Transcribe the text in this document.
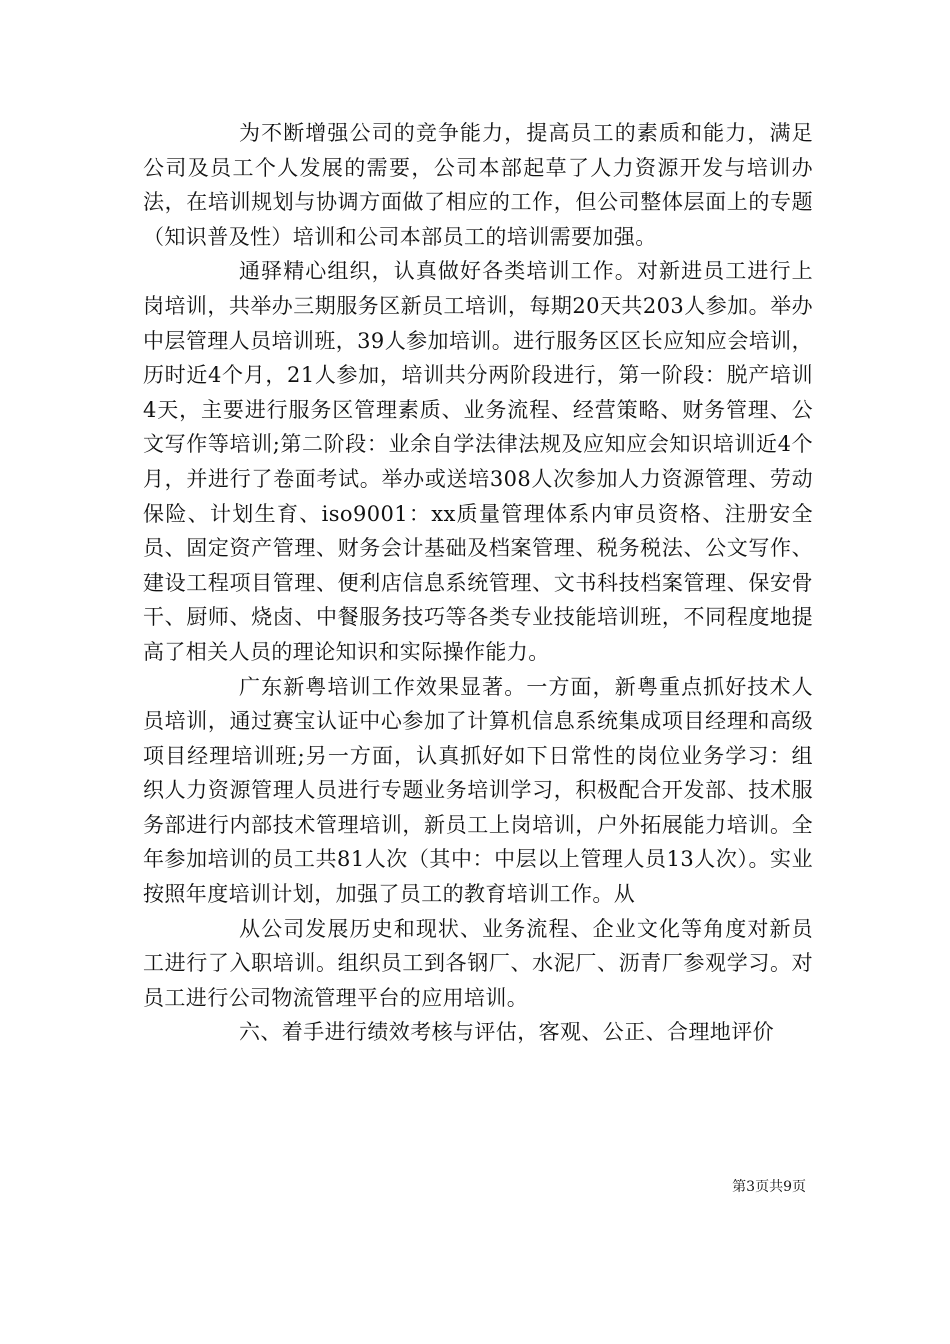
为不断增强公司的竞争能力，提高员工的素质和能力，满足公司及员工个人发展的需要，公司本部起草了人力资源开发与培训办法，在培训规划与协调方面做了相应的工作，但公司整体层面上的专题（知识普及性）培训和公司本部员工的培训需要加强。

通驿精心组织，认真做好各类培训工作。对新进员工进行上岗培训，共举办三期服务区新员工培训，每期20天共203人参加。举办中层管理人员培训班，39人参加培训。进行服务区区长应知应会培训，历时近4个月，21人参加，培训共分两阶段进行，第一阶段：脱产培训4天，主要进行服务区管理素质、业务流程、经营策略、财务管理、公文写作等培训;第二阶段：业余自学法律法规及应知应会知识培训近4个月，并进行了卷面考试。举办或送培308人次参加人力资源管理、劳动保险、计划生育、iso9001：xx质量管理体系内审员资格、注册安全员、固定资产管理、财务会计基础及档案管理、税务税法、公文写作、建设工程项目管理、便利店信息系统管理、文书科技档案管理、保安骨干、厨师、烧卤、中餐服务技巧等各类专业技能培训班，不同程度地提高了相关人员的理论知识和实际操作能力。

广东新粤培训工作效果显著。一方面，新粤重点抓好技术人员培训，通过赛宝认证中心参加了计算机信息系统集成项目经理和高级项目经理培训班;另一方面，认真抓好如下日常性的岗位业务学习：组织人力资源管理人员进行专题业务培训学习，积极配合开发部、技术服务部进行内部技术管理培训，新员工上岗培训，户外拓展能力培训。全年参加培训的员工共81人次（其中：中层以上管理人员13人次）。实业按照年度培训计划，加强了员工的教育培训工作。从

从公司发展历史和现状、业务流程、企业文化等角度对新员工进行了入职培训。组织员工到各钢厂、水泥厂、沥青厂参观学习。对员工进行公司物流管理平台的应用培训。

六、着手进行绩效考核与评估，客观、公正、合理地评价

第3页共9页
